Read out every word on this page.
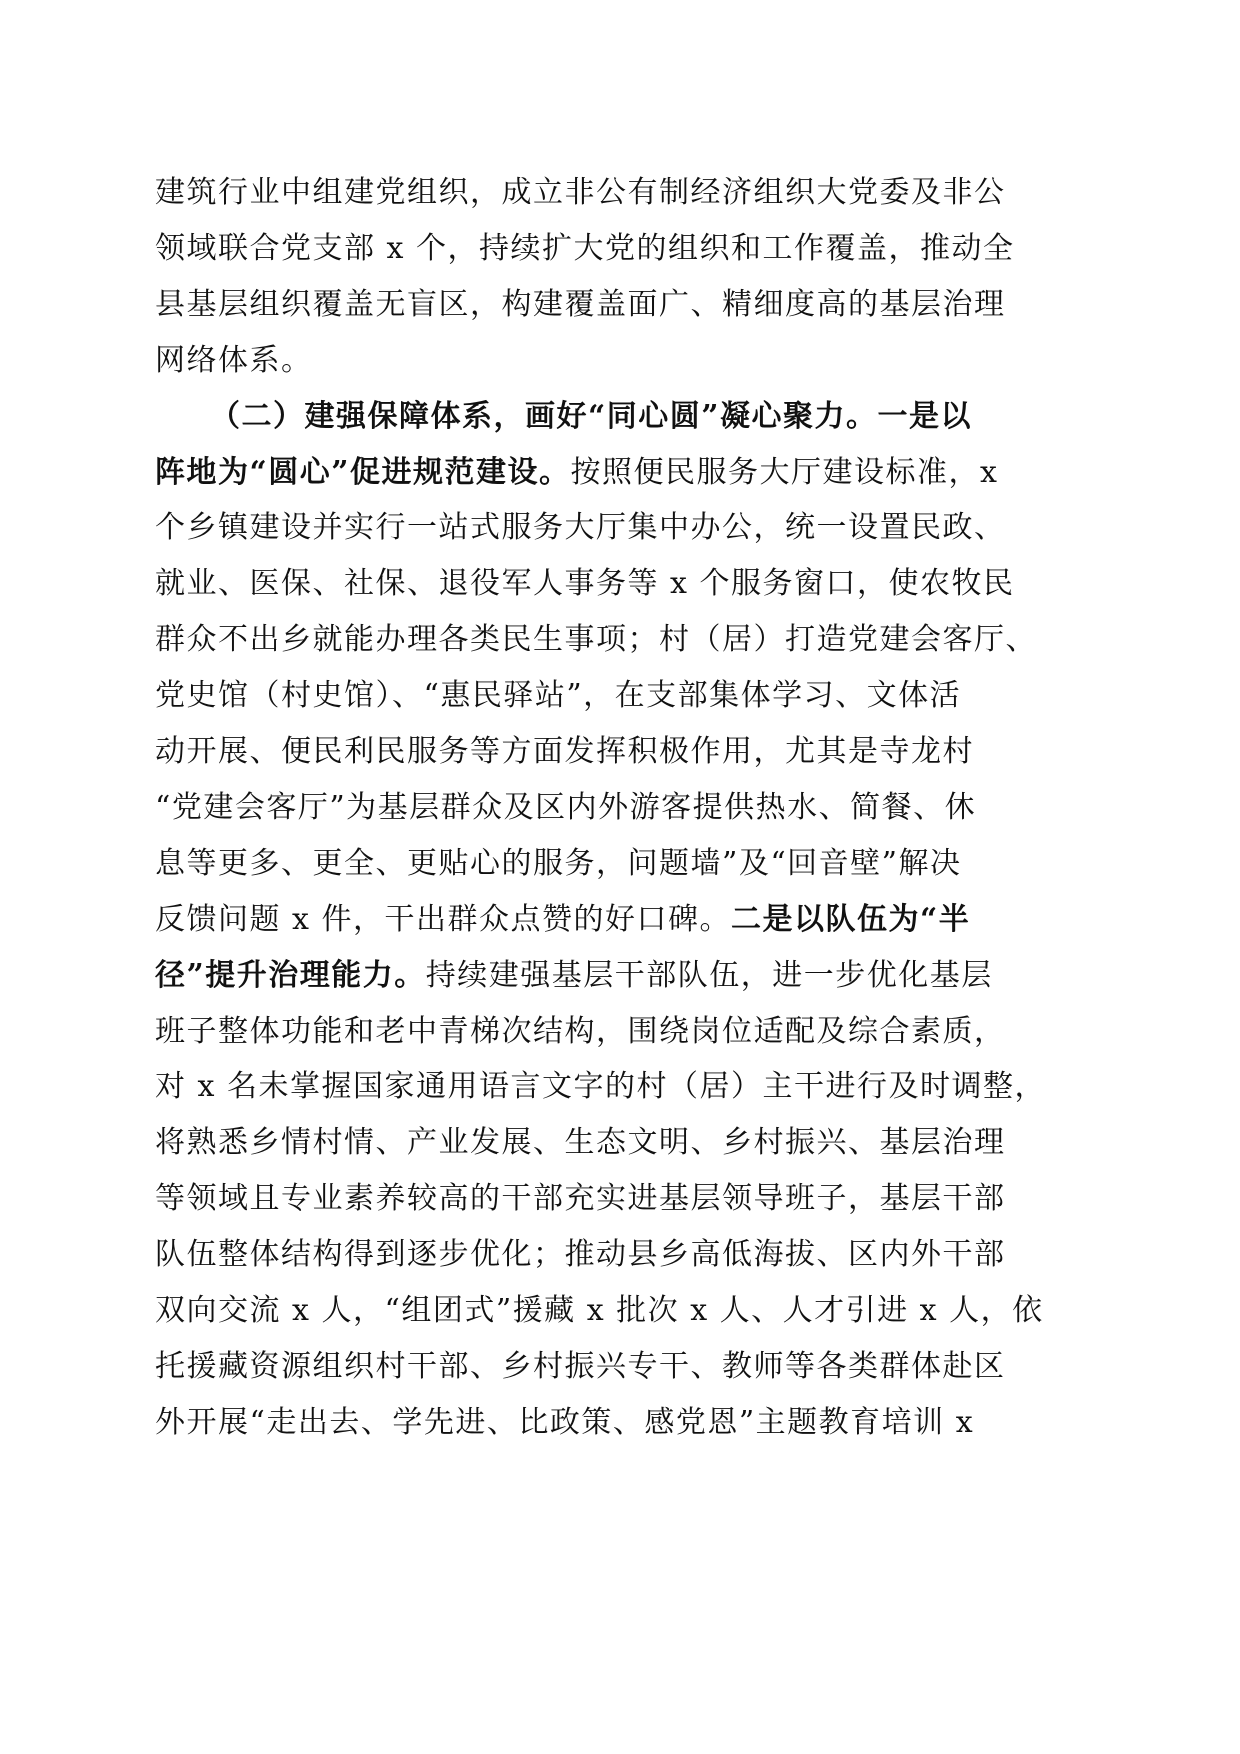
建筑行业中组建党组织，成立非公有制经济组织大党委及非公
领域联合党支部 x 个，持续扩大党的组织和工作覆盖，推动全
县基层组织覆盖无盲区，构建覆盖面广、精细度高的基层治理
网络体系。
（二）建强保障体系，画好“同心圆”凝心聚力。一是以
阵地为“圆心”促进规范建设。按照便民服务大厅建设标准，x
个乡镇建设并实行一站式服务大厅集中办公，统一设置民政、
就业、医保、社保、退役军人事务等 x 个服务窗口，使农牧民
群众不出乡就能办理各类民生事项；村（居）打造党建会客厅、
党史馆（村史馆）、“惠民驿站”，在支部集体学习、文体活
动开展、便民利民服务等方面发挥积极作用，尤其是寺龙村
“党建会客厅”为基层群众及区内外游客提供热水、简餐、休
息等更多、更全、更贴心的服务，问题墙”及“回音壁”解决
反馈问题 x 件，干出群众点赞的好口碑。二是以队伍为“半
径”提升治理能力。持续建强基层干部队伍，进一步优化基层
班子整体功能和老中青梯次结构，围绕岗位适配及综合素质，
对 x 名未掌握国家通用语言文字的村（居）主干进行及时调整，
将熟悉乡情村情、产业发展、生态文明、乡村振兴、基层治理
等领域且专业素养较高的干部充实进基层领导班子，基层干部
队伍整体结构得到逐步优化；推动县乡高低海拔、区内外干部
双向交流 x 人，“组团式”援藏 x 批次 x 人、人才引进 x 人，依
托援藏资源组织村干部、乡村振兴专干、教师等各类群体赴区
外开展“走出去、学先进、比政策、感党恩”主题教育培训 x
